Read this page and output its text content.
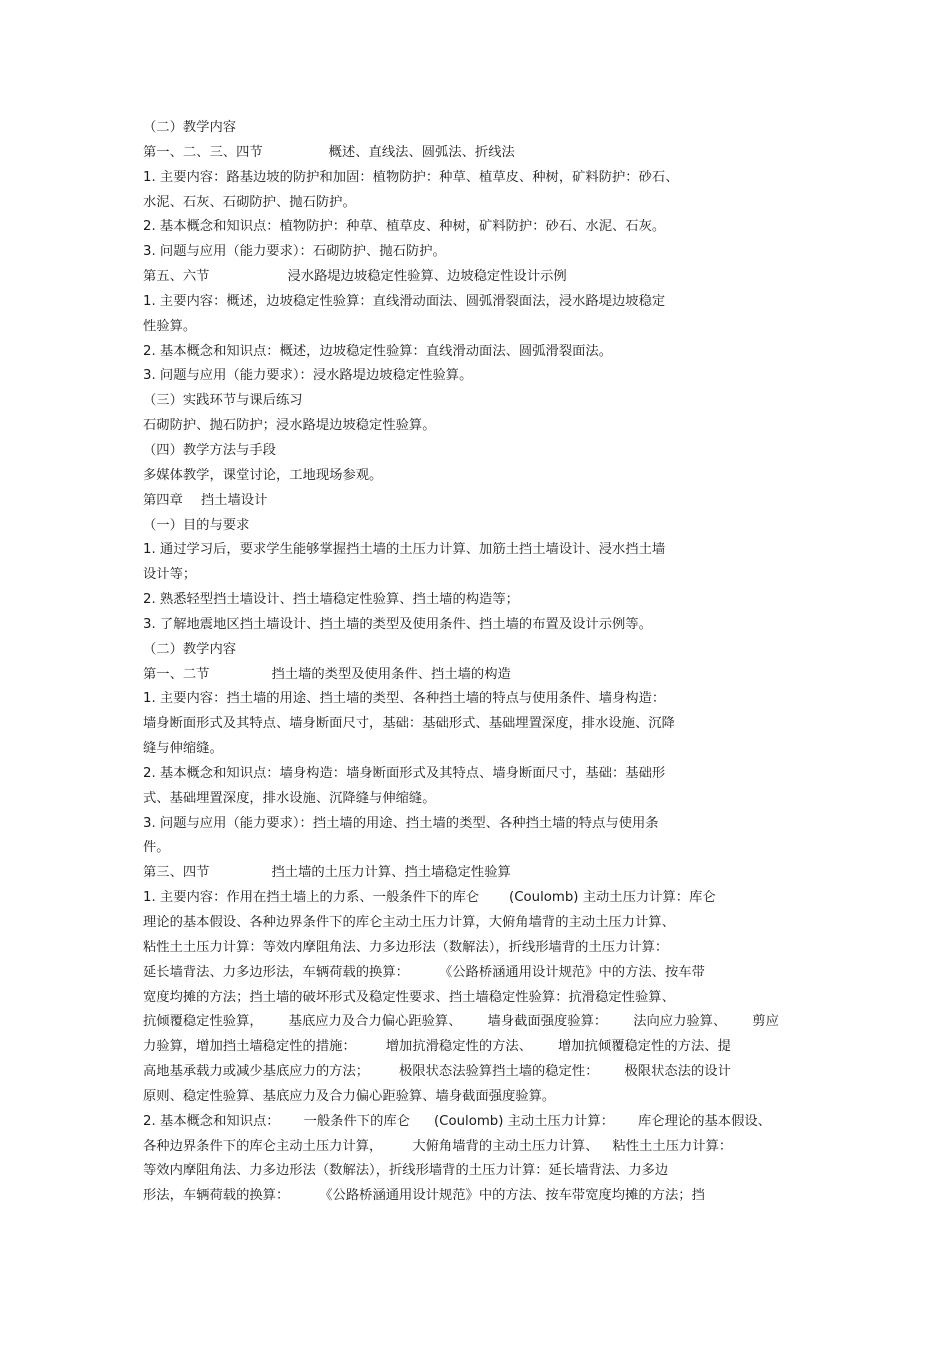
（二）教学内容
第一、二、三、四节	概述、直线法、圆弧法、折线法
1. 主要内容：路基边坡的防护和加固：植物防护：种草、植草皮、种树，矿料防护：砂石、
水泥、石灰、石砌防护、抛石防护。
2. 基本概念和知识点：植物防护：种草、植草皮、种树，矿料防护：砂石、水泥、石灰。
3. 问题与应用（能力要求）：石砌防护、抛石防护。
第五、六节	浸水路堤边坡稳定性验算、边坡稳定性设计示例
1. 主要内容：概述，边坡稳定性验算：直线滑动面法、圆弧滑裂面法，浸水路堤边坡稳定
性验算。
2. 基本概念和知识点：概述，边坡稳定性验算：直线滑动面法、圆弧滑裂面法。
3. 问题与应用（能力要求）：浸水路堤边坡稳定性验算。
（三）实践环节与课后练习
石砌防护、抛石防护；浸水路堤边坡稳定性验算。
（四）教学方法与手段
多媒体教学，课堂讨论，工地现场参观。
第四章 挡土墙设计
（一）目的与要求
1. 通过学习后，要求学生能够掌握挡土墙的土压力计算、加筋土挡土墙设计、浸水挡土墙
设计等；
2. 熟悉轻型挡土墙设计、挡土墙稳定性验算、挡土墙的构造等；
3. 了解地震地区挡土墙设计、挡土墙的类型及使用条件、挡土墙的布置及设计示例等。
（二）教学内容
第一、二节	挡土墙的类型及使用条件、挡土墙的构造
1. 主要内容：挡土墙的用途、挡土墙的类型、各种挡土墙的特点与使用条件、墙身构造：
墙身断面形式及其特点、墙身断面尺寸，基础：基础形式、基础埋置深度，排水设施、沉降
缝与伸缩缝。
2. 基本概念和知识点：墙身构造：墙身断面形式及其特点、墙身断面尺寸，基础：基础形
式、基础埋置深度，排水设施、沉降缝与伸缩缝。
3. 问题与应用（能力要求）：挡土墙的用途、挡土墙的类型、各种挡土墙的特点与使用条
件。
第三、四节	挡土墙的土压力计算、挡土墙稳定性验算
1. 主要内容：作用在挡土墙上的力系、一般条件下的库仑 (Coulomb) 主动土压力计算：库仑
理论的基本假设、各种边界条件下的库仑主动土压力计算，大俯角墙背的主动土压力计算、
粘性土土压力计算：等效内摩阻角法、力多边形法（数解法），折线形墙背的土压力计算：
延长墙背法、力多边形法，车辆荷载的换算： 《公路桥涵通用设计规范》中的方法、按车带
宽度均摊的方法；挡土墙的破坏形式及稳定性要求、挡土墙稳定性验算：抗滑稳定性验算、
抗倾覆稳定性验算， 基底应力及合力偏心距验算、 墙身截面强度验算： 法向应力验算、 剪应
力验算，增加挡土墙稳定性的措施： 增加抗滑稳定性的方法、 增加抗倾覆稳定性的方法、提
高地基承载力或减少基底应力的方法； 极限状态法验算挡土墙的稳定性： 极限状态法的设计
原则、稳定性验算、基底应力及合力偏心距验算、墙身截面强度验算。
2. 基本概念和知识点： 一般条件下的库仑 (Coulomb) 主动土压力计算： 库仑理论的基本假设、
各种边界条件下的库仑主动土压力计算， 大俯角墙背的主动土压力计算、 粘性土土压力计算：
等效内摩阻角法、力多边形法（数解法），折线形墙背的土压力计算：延长墙背法、力多边
形法，车辆荷载的换算： 《公路桥涵通用设计规范》中的方法、按车带宽度均摊的方法；挡
